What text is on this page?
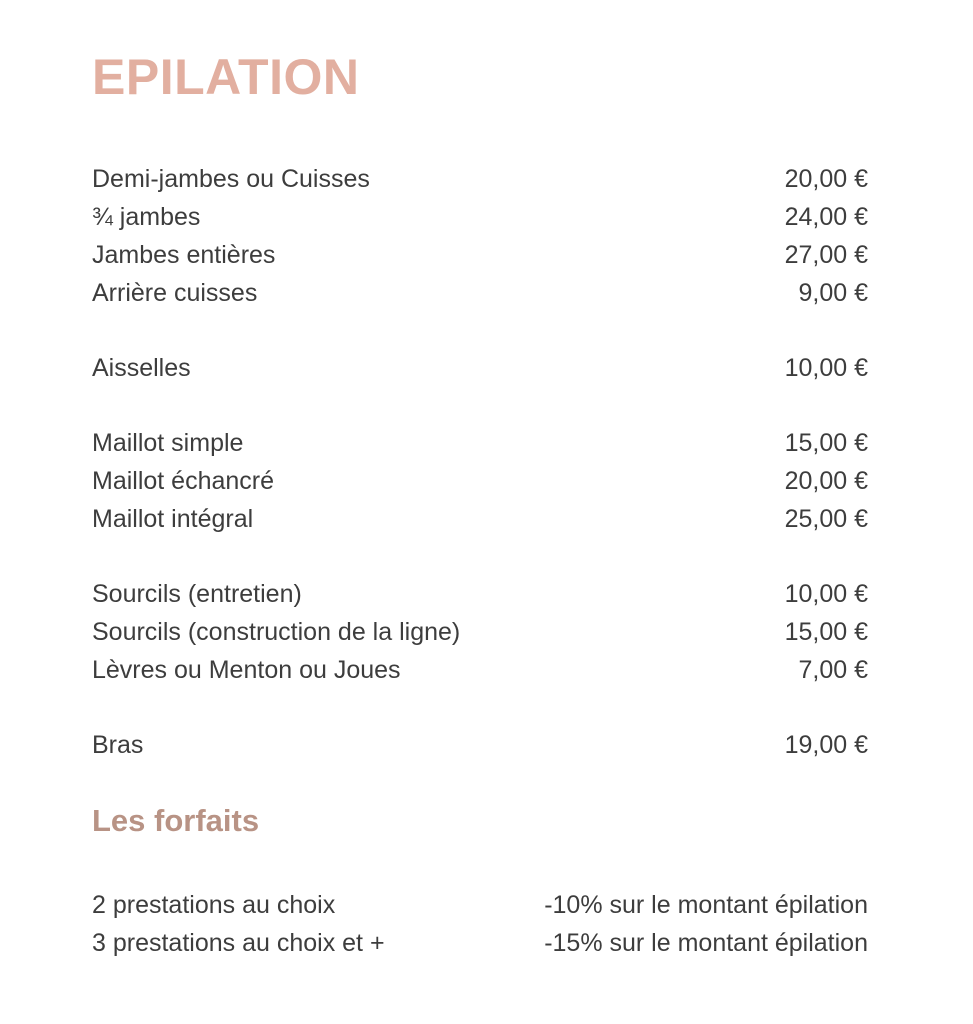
EPILATION
Demi-jambes ou Cuisses	20,00 €
¾ jambes	24,00 €
Jambes entières	27,00 €
Arrière cuisses	9,00 €
Aisselles	10,00 €
Maillot simple	15,00 €
Maillot échancré	20,00 €
Maillot intégral	25,00 €
Sourcils (entretien)	10,00 €
Sourcils (construction de la ligne)	15,00 €
Lèvres ou Menton ou Joues	7,00 €
Bras	19,00 €
Les forfaits
2 prestations au choix	-10% sur le montant épilation
3 prestations au choix et +	-15% sur le montant épilation
